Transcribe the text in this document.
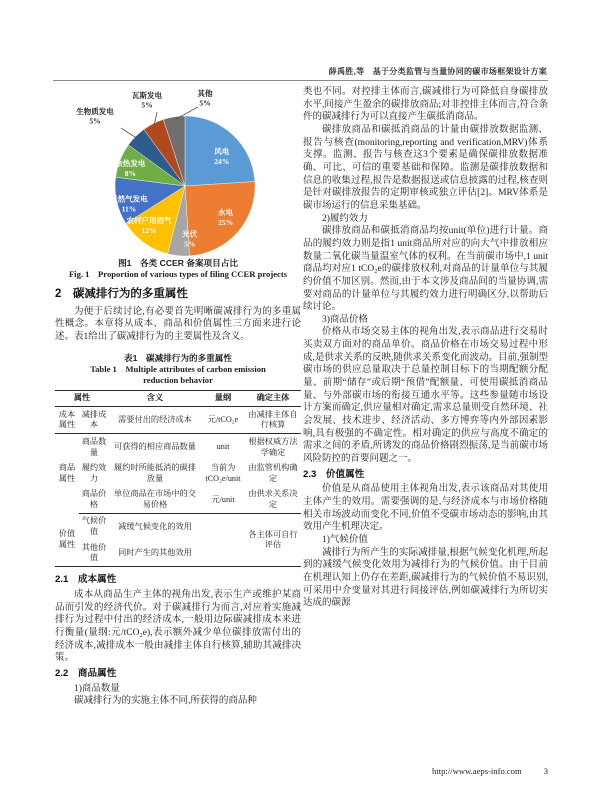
薛禹胜,等　基于分类监管与当量协同的碳市场框架设计方案
风电
24%
水电
25%
光伏
5%
农村户用沼气
12%
天然气发电
11%
余热发电
8%
生物质发电
5%
瓦斯发电
5%
其他
5%
图1　各类 CCER 备案项目占比
Fig. 1　Proportion of various types of filing CCER projects
2　碳减排行为的多重属性

为便于后续讨论,有必要首先明晰碳减排行为的多重属性概念。本章将从成本、商品和价值属性三方面来进行论述。表1给出了碳减排行为的主要属性及含义。

表1　碳减排行为的多重属性
Table 1　Multiple attributes of carbon emission
reduction behavior
属性		含义	量纲	确定主体
成本属性	减排成本	需要付出的经济成本	元/tCO₂e	由减排主体自行核算
商品属性	商品数量	可获得的相应商品数量	unit	根据权威方法学确定
	履约效力	履约时所能抵消的碳排放量	当前为tCO₂e/unit	由监管机构确定
	商品价格	单位商品在市场中的交易价格	元/unit	由供求关系决定
价值属性	气候价值	减缓气候变化的效用		各主体可自行评估
	其他价值	同时产生的其他效用		
2.1　成本属性

成本从商品生产主体的视角出发,表示生产或维护某商品而引发的经济代价。对于碳减排行为而言,对应着实施减排行为过程中付出的经济成本,一般用边际碳减排成本来进行衡量(量纲:元/tCO₂e),表示额外减少单位碳排放需付出的经济成本,减排成本一般由减排主体自行核算,辅助其减排决策。

2.2　商品属性

1)商品数量

碳减排行为的实施主体不同,所获得的商品种

类也不同。对控排主体而言,碳减排行为可降低自身碳排放水平,间接产生盈余的碳排放商品;对非控排主体而言,符合条件的碳减排行为可以直接产生碳抵消商品。

碳排放商品和碳抵消商品的计量由碳排放数据监测、报告与核查(monitoring,reporting and verification,MRV)体系支撑。监测、报告与核查这3个要素是确保碳排放数据准确、可比、可信的重要基础和保障。监测是碳排放数据和信息的收集过程,报告是数据报送或信息披露的过程,核查则是针对碳排放报告的定期审核或独立评估[2]。MRV体系是碳市场运行的信息采集基础。

2)履约效力

碳排放商品和碳抵消商品均按unit(单位)进行计量。商品的履约效力则是指1 unit商品所对应的向大气中排放相应数量二氧化碳当量温室气体的权利。在当前碳市场中,1 unit商品均对应1 tCO₂e的碳排放权利,对商品的计量单位与其履约价值不加区别。然而,由于本文涉及商品间的当量协调,需要对商品的计量单位与其履约效力进行明确区分,以帮助后续讨论。

3)商品价格

价格从市场交易主体的视角出发,表示商品进行交易时买卖双方面对的商品单价。商品价格在市场交易过程中形成,是供求关系的反映,随供求关系变化而波动。目前,强制型碳市场的供应总量取决于总量控制目标下的当期配额分配量、前期“储存”或后期“预借”配额量、可使用碳抵消商品量、与外部碳市场的衔接互通水平等。这些参量随市场设计方案而确定,供应量相对确定,需求总量则受自然环境、社会发展、技术进步、经济活动、多方博弈等内外部因素影响,具有极强的不确定性。相对确定的供应与高度不确定的需求之间的矛盾,所诱发的商品价格剧烈振荡,是当前碳市场风险防控的首要问题之一。

2.3　价值属性

价值是从商品使用主体视角出发,表示该商品对其使用主体产生的效用。需要强调的是,与经济成本与市场价格随相关市场波动而变化不同,价值不受碳市场动态的影响,由其效用产生机理决定。

1)气候价值

减排行为所产生的实际减排量,根据气候变化机理,所起到的减缓气候变化效用为减排行为的气候价值。由于目前在机理认知上仍存在差距,碳减排行为的气候价值不易识别,可采用中介变量对其进行间接评估,例如碳减排行为所切实达成的碳源

http://www.aeps-info.com	3
